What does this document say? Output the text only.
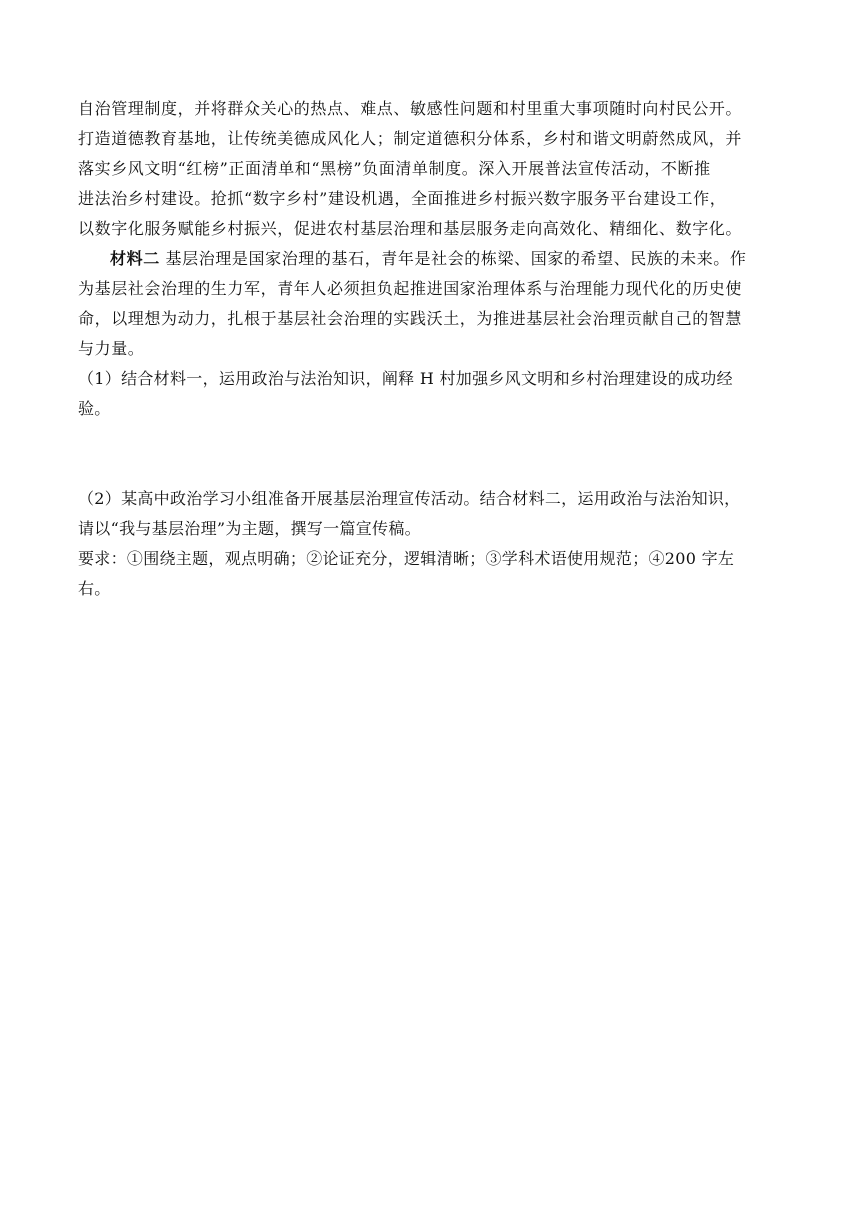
自治管理制度，并将群众关心的热点、难点、敏感性问题和村里重大事项随时向村民公开。
打造道德教育基地，让传统美德成风化人；制定道德积分体系，乡村和谐文明蔚然成风，并
落实乡风文明“红榜”正面清单和“黑榜”负面清单制度。深入开展普法宣传活动，不断推
进法治乡村建设。抢抓“数字乡村”建设机遇，全面推进乡村振兴数字服务平台建设工作，
以数字化服务赋能乡村振兴，促进农村基层治理和基层服务走向高效化、精细化、数字化。
材料二 基层治理是国家治理的基石，青年是社会的栋梁、国家的希望、民族的未来。作
为基层社会治理的生力军，青年人必须担负起推进国家治理体系与治理能力现代化的历史使
命，以理想为动力，扎根于基层社会治理的实践沃土，为推进基层社会治理贡献自己的智慧
与力量。
（1）结合材料一，运用政治与法治知识，阐释 H 村加强乡风文明和乡村治理建设的成功经
验。
（2）某高中政治学习小组准备开展基层治理宣传活动。结合材料二，运用政治与法治知识，
请以“我与基层治理”为主题，撰写一篇宣传稿。
要求：①围绕主题，观点明确；②论证充分，逻辑清晰；③学科术语使用规范；④200 字左
右。
